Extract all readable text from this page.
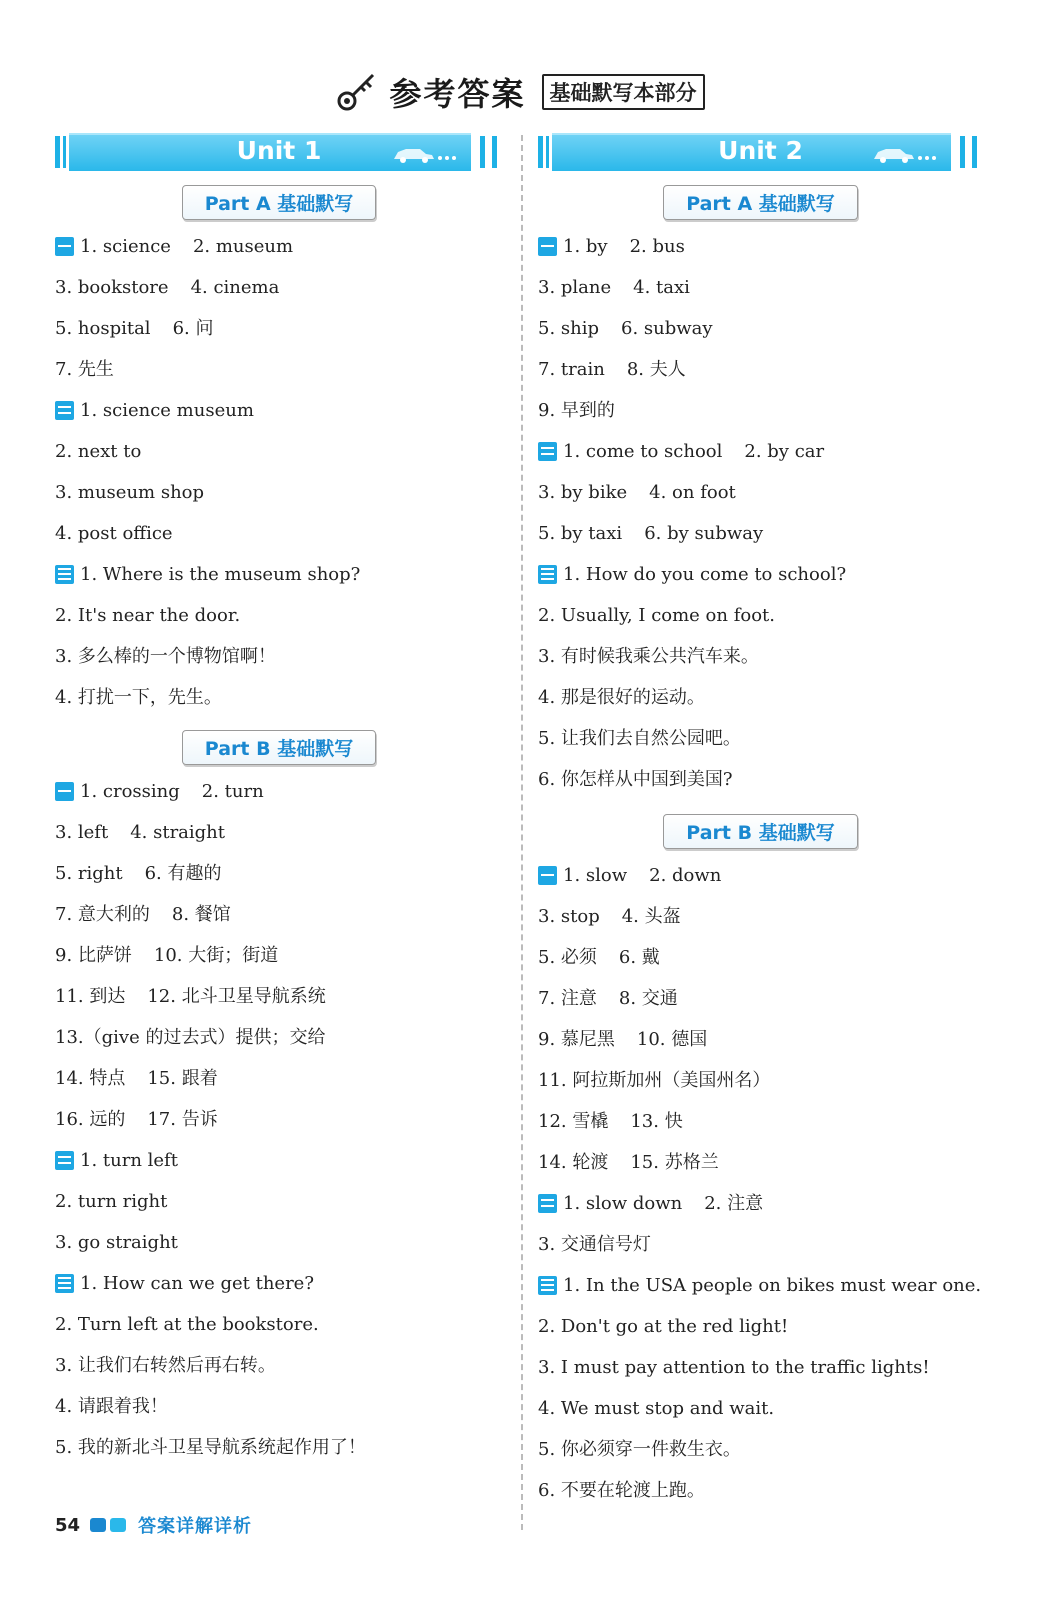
参考答案	基础默写本部分
Unit 1
Part A 基础默写
1. science 2. museum
3. bookstore 4. cinema
5. hospital 6. 问
7. 先生
1. science museum
2. next to
3. museum shop
4. post office
1. Where is the museum shop?
2. It's near the door.
3. 多么棒的一个博物馆啊！
4. 打扰一下，先生。
Part B 基础默写
1. crossing 2. turn
3. left 4. straight
5. right 6. 有趣的
7. 意大利的 8. 餐馆
9. 比萨饼 10. 大街；街道
11. 到达 12. 北斗卫星导航系统
13.（give 的过去式）提供；交给
14. 特点 15. 跟着
16. 远的 17. 告诉
1. turn left
2. turn right
3. go straight
1. How can we get there?
2. Turn left at the bookstore.
3. 让我们右转然后再右转。
4. 请跟着我！
5. 我的新北斗卫星导航系统起作用了！
Unit 2
Part A 基础默写
1. by 2. bus
3. plane 4. taxi
5. ship 6. subway
7. train 8. 夫人
9. 早到的
1. come to school 2. by car
3. by bike 4. on foot
5. by taxi 6. by subway
1. How do you come to school?
2. Usually, I come on foot.
3. 有时候我乘公共汽车来。
4. 那是很好的运动。
5. 让我们去自然公园吧。
6. 你怎样从中国到美国?
Part B 基础默写
1. slow 2. down
3. stop 4. 头盔
5. 必须 6. 戴
7. 注意 8. 交通
9. 慕尼黑 10. 德国
11. 阿拉斯加州（美国州名）
12. 雪橇 13. 快
14. 轮渡 15. 苏格兰
1. slow down 2. 注意
3. 交通信号灯
1. In the USA people on bikes must wear one.
2. Don't go at the red light!
3. I must pay attention to the traffic lights!
4. We must stop and wait.
5. 你必须穿一件救生衣。
6. 不要在轮渡上跑。
54	答案详解详析
